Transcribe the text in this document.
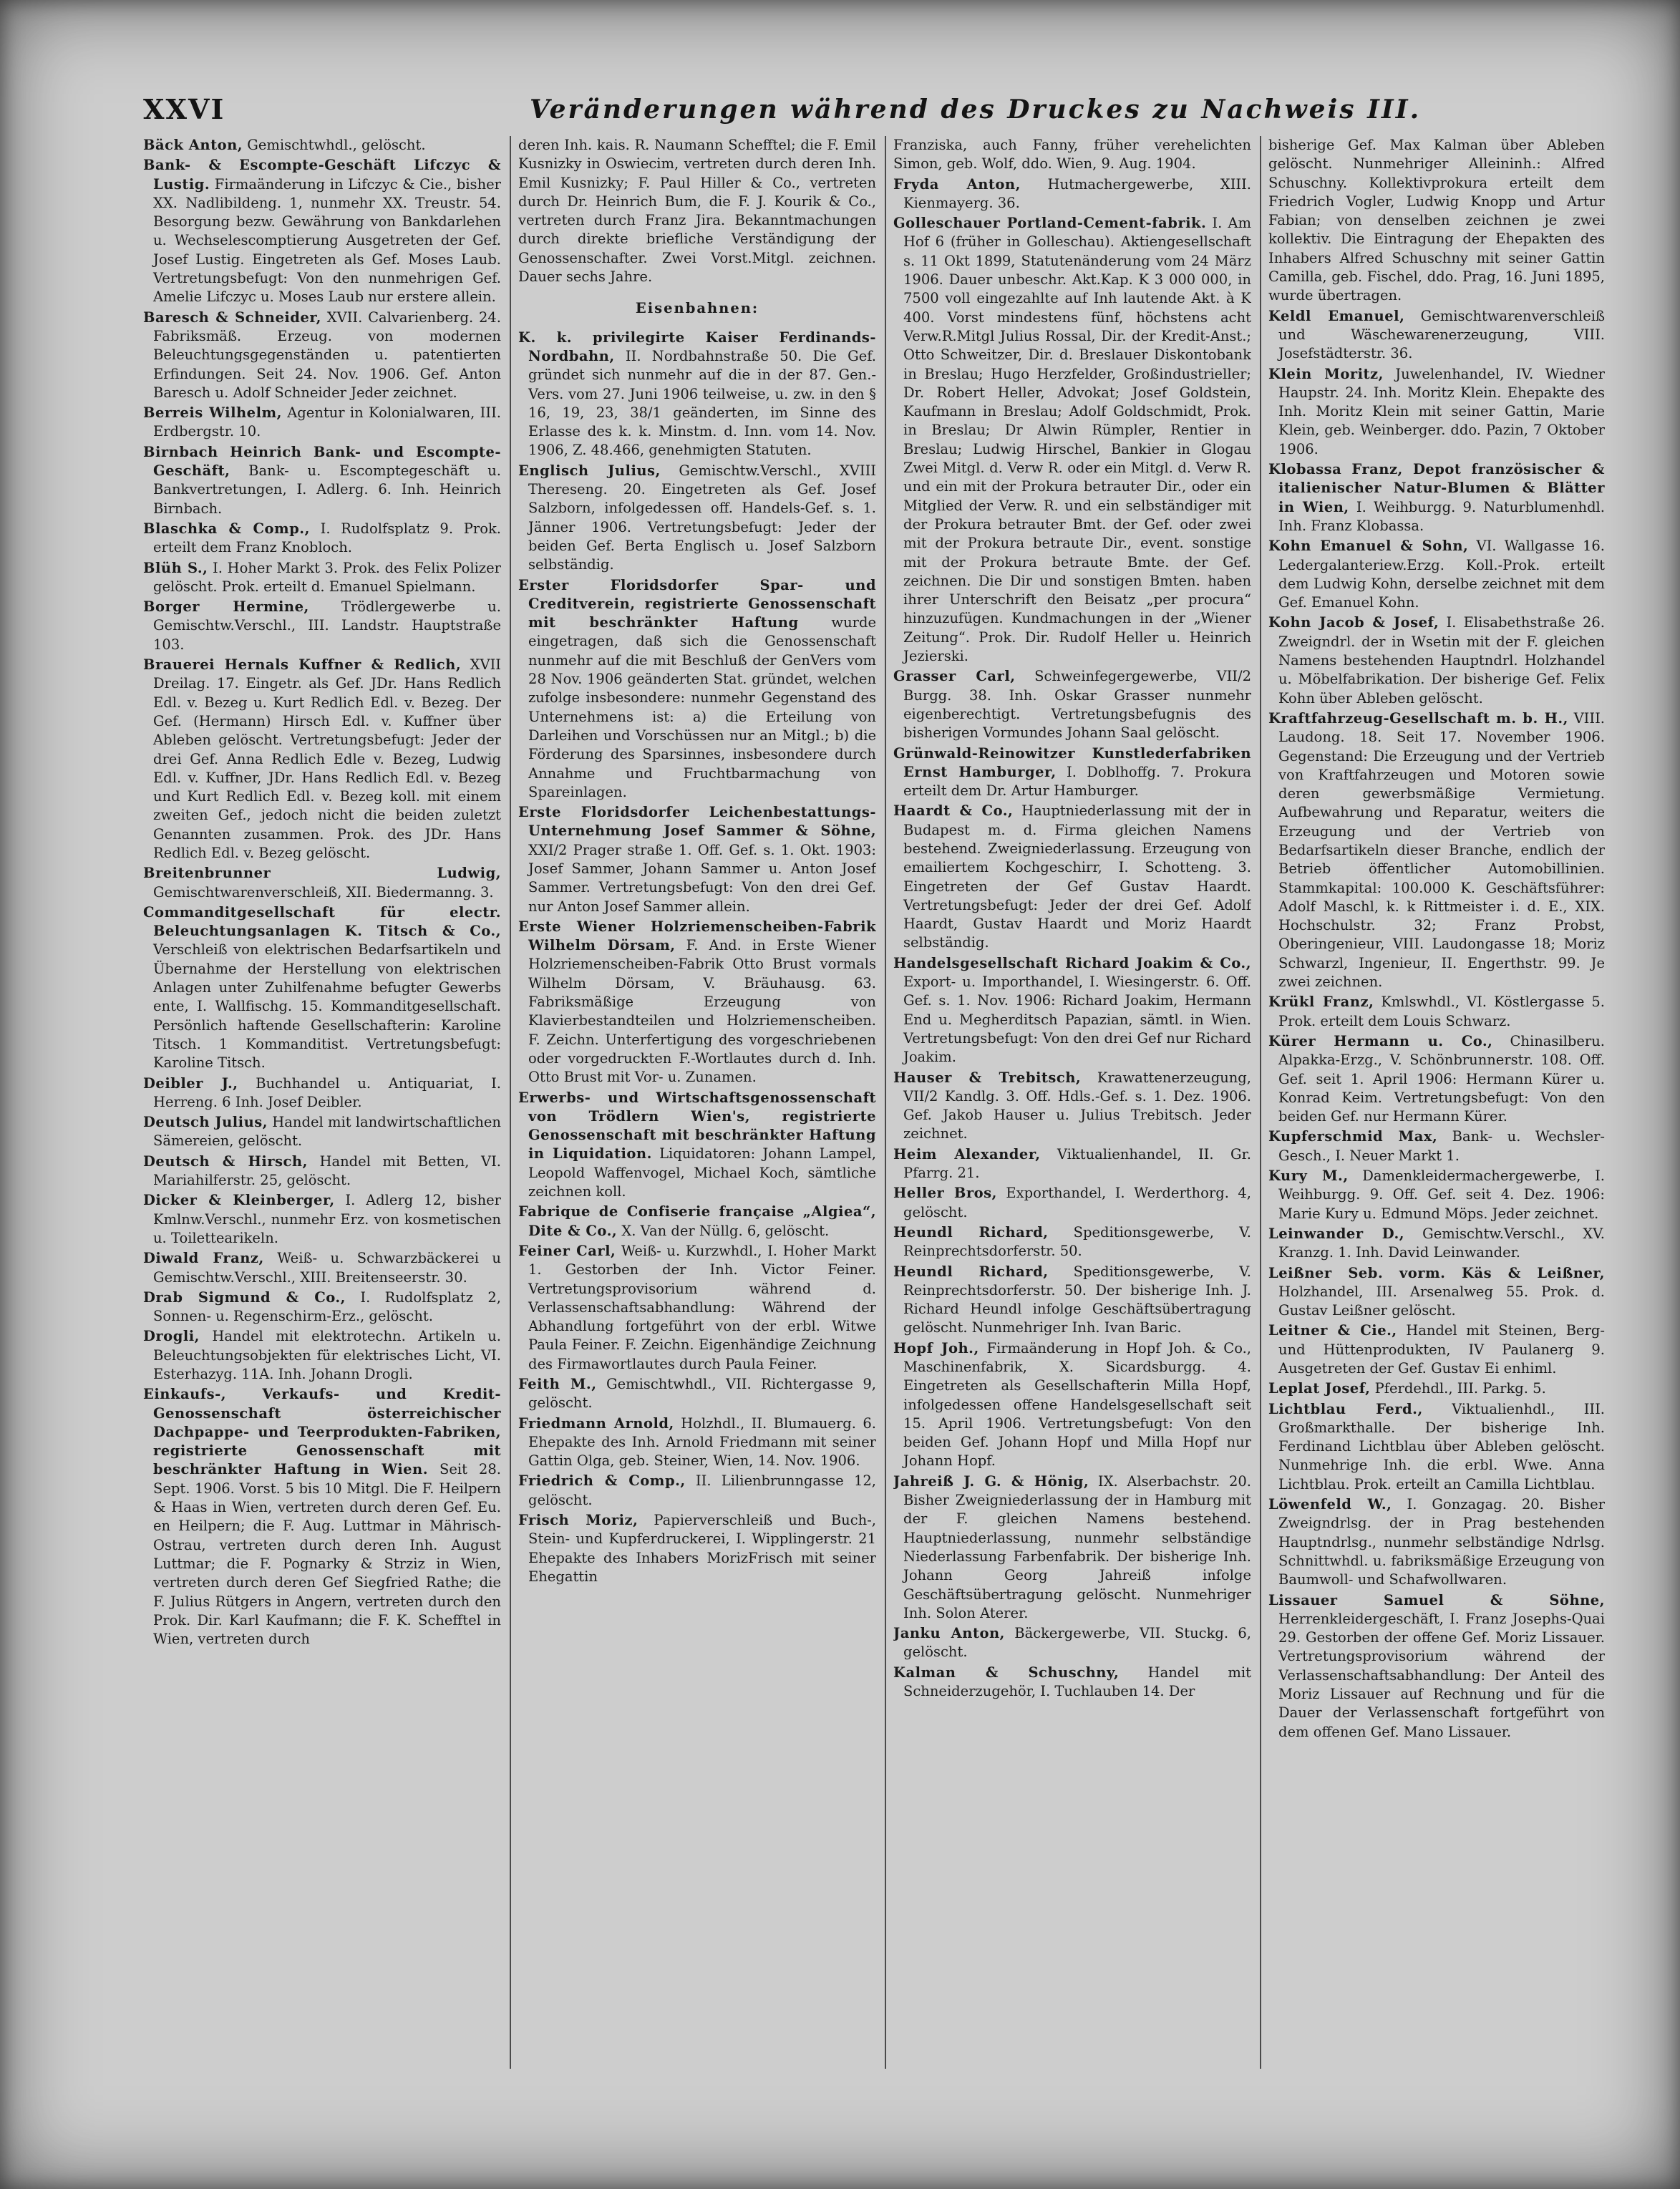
XXVI	Veränderungen während des Druckes zu Nachweis III.

Bäck Anton, Gemischtwhdl., gelöscht.

Bank- & Escompte-Geschäft Lifczyc & Lustig. Firmaänderung in Lifczyc & Cie., bisher XX. Nadlibildeng. 1, nunmehr XX. Treustr. 54. Besorgung bezw. Gewährung von Bankdarlehen u. Wechselescomptierung Ausgetreten der Gef. Josef Lustig. Eingetreten als Gef. Moses Laub. Vertretungsbefugt: Von den nunmehrigen Gef. Amelie Lifczyc u. Moses Laub nur erstere allein.

Baresch & Schneider, XVII. Calvarienberg. 24. Fabriksmäß. Erzeug. von modernen Beleuchtungsgegenständen u. patentierten Erfindungen. Seit 24. Nov. 1906. Gef. Anton Baresch u. Adolf Schneider Jeder zeichnet.

Berreis Wilhelm, Agentur in Kolonialwaren, III. Erdbergstr. 10.

Birnbach Heinrich Bank- und Escompte-Geschäft, Bank- u. Escomptegeschäft u. Bankvertretungen, I. Adlerg. 6. Inh. Heinrich Birnbach.

Blaschka & Comp., I. Rudolfsplatz 9. Prok. erteilt dem Franz Knobloch.

Blüh S., I. Hoher Markt 3. Prok. des Felix Polizer gelöscht. Prok. erteilt d. Emanuel Spielmann.

Borger Hermine, Trödlergewerbe u. Gemischtw.Verschl., III. Landstr. Hauptstraße 103.

Brauerei Hernals Kuffner & Redlich, XVII Dreilag. 17. Eingetr. als Gef. JDr. Hans Redlich Edl. v. Bezeg u. Kurt Redlich Edl. v. Bezeg. Der Gef. (Hermann) Hirsch Edl. v. Kuffner über Ableben gelöscht. Vertretungsbefugt: Jeder der drei Gef. Anna Redlich Edle v. Bezeg, Ludwig Edl. v. Kuffner, JDr. Hans Redlich Edl. v. Bezeg und Kurt Redlich Edl. v. Bezeg koll. mit einem zweiten Gef., jedoch nicht die beiden zuletzt Genannten zusammen. Prok. des JDr. Hans Redlich Edl. v. Bezeg gelöscht.

Breitenbrunner Ludwig, Gemischtwarenverschleiß, XII. Biedermanng. 3.

Commanditgesellschaft für electr. Beleuchtungsanlagen K. Titsch & Co., Verschleiß von elektrischen Bedarfsartikeln und Übernahme der Herstellung von elektrischen Anlagen unter Zuhilfenahme befugter Gewerbs ente, I. Wallfischg. 15. Kommanditgesellschaft. Persönlich haftende Gesellschafterin: Karoline Titsch. 1 Kommanditist. Vertretungsbefugt: Karoline Titsch.

Deibler J., Buchhandel u. Antiquariat, I. Herreng. 6 Inh. Josef Deibler.

Deutsch Julius, Handel mit landwirtschaftlichen Sämereien, gelöscht.

Deutsch & Hirsch, Handel mit Betten, VI. Mariahilferstr. 25, gelöscht.

Dicker & Kleinberger, I. Adlerg 12, bisher Kmlnw.Verschl., nunmehr Erz. von kosmetischen u. Toilettearikeln.

Diwald Franz, Weiß- u. Schwarzbäckerei u Gemischtw.Verschl., XIII. Breitenseerstr. 30.

Drab Sigmund & Co., I. Rudolfsplatz 2, Sonnen- u. Regenschirm-Erz., gelöscht.

Drogli, Handel mit elektrotechn. Artikeln u. Beleuchtungsobjekten für elektrisches Licht, VI. Esterhazyg. 11A. Inh. Johann Drogli.

Einkaufs-, Verkaufs- und Kredit-Genossenschaft österreichischer Dachpappe- und Teerprodukten-Fabriken, registrierte Genossenschaft mit beschränkter Haftung in Wien. Seit 28. Sept. 1906. Vorst. 5 bis 10 Mitgl. Die F. Heilpern & Haas in Wien, vertreten durch deren Gef. Eu. en Heilpern; die F. Aug. Luttmar in Mährisch-Ostrau, vertreten durch deren Inh. August Luttmar; die F. Pognarky & Strziz in Wien, vertreten durch deren Gef Siegfried Rathe; die F. Julius Rütgers in Angern, vertreten durch den Prok. Dir. Karl Kaufmann; die F. K. Schefftel in Wien, vertreten durch

deren Inh. kais. R. Naumann Schefftel; die F. Emil Kusnizky in Oswiecim, vertreten durch deren Inh. Emil Kusnizky; F. Paul Hiller & Co., vertreten durch Dr. Heinrich Bum, die F. J. Kourik & Co., vertreten durch Franz Jira. Bekanntmachungen durch direkte briefliche Verständigung der Genossenschafter. Zwei Vorst.Mitgl. zeichnen. Dauer sechs Jahre.

Eisenbahnen:

K. k. privilegirte Kaiser Ferdinands-Nordbahn, II. Nordbahnstraße 50. Die Gef. gründet sich nunmehr auf die in der 87. Gen.-Vers. vom 27. Juni 1906 teilweise, u. zw. in den § 16, 19, 23, 38/1 geänderten, im Sinne des Erlasse des k. k. Minstm. d. Inn. vom 14. Nov. 1906, Z. 48.466, genehmigten Statuten.

Englisch Julius, Gemischtw.Verschl., XVIII Thereseng. 20. Eingetreten als Gef. Josef Salzborn, infolgedessen off. Handels-Gef. s. 1. Jänner 1906. Vertretungsbefugt: Jeder der beiden Gef. Berta Englisch u. Josef Salzborn selbständig.

Erster Floridsdorfer Spar- und Creditverein, registrierte Genossenschaft mit beschränkter Haftung wurde eingetragen, daß sich die Genossenschaft nunmehr auf die mit Beschluß der GenVers vom 28 Nov. 1906 geänderten Stat. gründet, welchen zufolge insbesondere: nunmehr Gegenstand des Unternehmens ist: a) die Erteilung von Darleihen und Vorschüssen nur an Mitgl.; b) die Förderung des Sparsinnes, insbesondere durch Annahme und Fruchtbarmachung von Spareinlagen.

Erste Floridsdorfer Leichenbestattungs-Unternehmung Josef Sammer & Söhne, XXI/2 Prager straße 1. Off. Gef. s. 1. Okt. 1903: Josef Sammer, Johann Sammer u. Anton Josef Sammer. Vertretungsbefugt: Von den drei Gef. nur Anton Josef Sammer allein.

Erste Wiener Holzriemenscheiben-Fabrik Wilhelm Dörsam, F. And. in Erste Wiener Holzriemenscheiben-Fabrik Otto Brust vormals Wilhelm Dörsam, V. Bräuhausg. 63. Fabriksmäßige Erzeugung von Klavierbestandteilen und Holzriemenscheiben. F. Zeichn. Unterfertigung des vorgeschriebenen oder vorgedruckten F.-Wortlautes durch d. Inh. Otto Brust mit Vor- u. Zunamen.

Erwerbs- und Wirtschaftsgenossenschaft von Trödlern Wien's, registrierte Genossenschaft mit beschränkter Haftung in Liquidation. Liquidatoren: Johann Lampel, Leopold Waffenvogel, Michael Koch, sämtliche zeichnen koll.

Fabrique de Confiserie française „Algiea“, Dite & Co., X. Van der Nüllg. 6, gelöscht.

Feiner Carl, Weiß- u. Kurzwhdl., I. Hoher Markt 1. Gestorben der Inh. Victor Feiner. Vertretungsprovisorium während d. Verlassenschaftsabhandlung: Während der Abhandlung fortgeführt von der erbl. Witwe Paula Feiner. F. Zeichn. Eigenhändige Zeichnung des Firmawortlautes durch Paula Feiner.

Feith M., Gemischtwhdl., VII. Richtergasse 9, gelöscht.

Friedmann Arnold, Holzhdl., II. Blumauerg. 6. Ehepakte des Inh. Arnold Friedmann mit seiner Gattin Olga, geb. Steiner, Wien, 14. Nov. 1906.

Friedrich & Comp., II. Lilienbrunngasse 12, gelöscht.

Frisch Moriz, Papierverschleiß und Buch-, Stein- und Kupferdruckerei, I. Wipplingerstr. 21 Ehepakte des Inhabers MorizFrisch mit seiner Ehegattin

Franziska, auch Fanny, früher verehelichten Simon, geb. Wolf, ddo. Wien, 9. Aug. 1904.

Fryda Anton, Hutmachergewerbe, XIII. Kienmayerg. 36.

Golleschauer Portland-Cement-fabrik. I. Am Hof 6 (früher in Golleschau). Aktiengesellschaft s. 11 Okt 1899, Statutenänderung vom 24 März 1906. Dauer unbeschr. Akt.Kap. K 3 000 000, in 7500 voll eingezahlte auf Inh lautende Akt. à K 400. Vorst mindestens fünf, höchstens acht Verw.R.Mitgl Julius Rossal, Dir. der Kredit-Anst.; Otto Schweitzer, Dir. d. Breslauer Diskontobank in Breslau; Hugo Herzfelder, Großindustrieller; Dr. Robert Heller, Advokat; Josef Goldstein, Kaufmann in Breslau; Adolf Goldschmidt, Prok. in Breslau; Dr Alwin Rümpler, Rentier in Breslau; Ludwig Hirschel, Bankier in Glogau Zwei Mitgl. d. Verw R. oder ein Mitgl. d. Verw R. und ein mit der Prokura betrauter Dir., oder ein Mitglied der Verw. R. und ein selbständiger mit der Prokura betrauter Bmt. der Gef. oder zwei mit der Prokura betraute Dir., event. sonstige mit der Prokura betraute Bmte. der Gef. zeichnen. Die Dir und sonstigen Bmten. haben ihrer Unterschrift den Beisatz „per procura“ hinzuzufügen. Kundmachungen in der „Wiener Zeitung“. Prok. Dir. Rudolf Heller u. Heinrich Jezierski.

Grasser Carl, Schweinfegergewerbe, VII/2 Burgg. 38. Inh. Oskar Grasser nunmehr eigenberechtigt. Vertretungsbefugnis des bisherigen Vormundes Johann Saal gelöscht.

Grünwald-Reinowitzer Kunstlederfabriken Ernst Hamburger, I. Doblhoffg. 7. Prokura erteilt dem Dr. Artur Hamburger.

Haardt & Co., Hauptniederlassung mit der in Budapest m. d. Firma gleichen Namens bestehend. Zweigniederlassung. Erzeugung von emailiertem Kochgeschirr, I. Schotteng. 3. Eingetreten der Gef Gustav Haardt. Vertretungsbefugt: Jeder der drei Gef. Adolf Haardt, Gustav Haardt und Moriz Haardt selbständig.

Handelsgesellschaft Richard Joakim & Co., Export- u. Importhandel, I. Wiesingerstr. 6. Off. Gef. s. 1. Nov. 1906: Richard Joakim, Hermann End u. Megherditsch Papazian, sämtl. in Wien. Vertretungsbefugt: Von den drei Gef nur Richard Joakim.

Hauser & Trebitsch, Krawattenerzeugung, VII/2 Kandlg. 3. Off. Hdls.-Gef. s. 1. Dez. 1906. Gef. Jakob Hauser u. Julius Trebitsch. Jeder zeichnet.

Heim Alexander, Viktualienhandel, II. Gr. Pfarrg. 21.

Heller Bros, Exporthandel, I. Werderthorg. 4, gelöscht.

Heundl Richard, Speditionsgewerbe, V. Reinprechtsdorferstr. 50.

Heundl Richard, Speditionsgewerbe, V. Reinprechtsdorferstr. 50. Der bisherige Inh. J. Richard Heundl infolge Geschäftsübertragung gelöscht. Nunmehriger Inh. Ivan Baric.

Hopf Joh., Firmaänderung in Hopf Joh. & Co., Maschinenfabrik, X. Sicardsburgg. 4. Eingetreten als Gesellschafterin Milla Hopf, infolgedessen offene Handelsgesellschaft seit 15. April 1906. Vertretungsbefugt: Von den beiden Gef. Johann Hopf und Milla Hopf nur Johann Hopf.

Jahreiß J. G. & Hönig, IX. Alserbachstr. 20. Bisher Zweigniederlassung der in Hamburg mit der F. gleichen Namens bestehend. Hauptniederlassung, nunmehr selbständige Niederlassung Farbenfabrik. Der bisherige Inh. Johann Georg Jahreiß infolge Geschäftsübertragung gelöscht. Nunmehriger Inh. Solon Aterer.

Janku Anton, Bäckergewerbe, VII. Stuckg. 6, gelöscht.

Kalman & Schuschny, Handel mit Schneiderzugehör, I. Tuchlauben 14. Der

bisherige Gef. Max Kalman über Ableben gelöscht. Nunmehriger Alleininh.: Alfred Schuschny. Kollektivprokura erteilt dem Friedrich Vogler, Ludwig Knopp und Artur Fabian; von denselben zeichnen je zwei kollektiv. Die Eintragung der Ehepakten des Inhabers Alfred Schuschny mit seiner Gattin Camilla, geb. Fischel, ddo. Prag, 16. Juni 1895, wurde übertragen.

Keldl Emanuel, Gemischtwarenverschleiß und Wäschewarenerzeugung, VIII. Josefstädterstr. 36.

Klein Moritz, Juwelenhandel, IV. Wiedner Haupstr. 24. Inh. Moritz Klein. Ehepakte des Inh. Moritz Klein mit seiner Gattin, Marie Klein, geb. Weinberger. ddo. Pazin, 7 Oktober 1906.

Klobassa Franz, Depot französischer & italienischer Natur-Blumen & Blätter in Wien, I. Weihburgg. 9. Naturblumenhdl. Inh. Franz Klobassa.

Kohn Emanuel & Sohn, VI. Wallgasse 16. Ledergalanteriew.Erzg. Koll.-Prok. erteilt dem Ludwig Kohn, derselbe zeichnet mit dem Gef. Emanuel Kohn.

Kohn Jacob & Josef, I. Elisabethstraße 26. Zweigndrl. der in Wsetin mit der F. gleichen Namens bestehenden Hauptndrl. Holzhandel u. Möbelfabrikation. Der bisherige Gef. Felix Kohn über Ableben gelöscht.

Kraftfahrzeug-Gesellschaft m. b. H., VIII. Laudong. 18. Seit 17. November 1906. Gegenstand: Die Erzeugung und der Vertrieb von Kraftfahrzeugen und Motoren sowie deren gewerbsmäßige Vermietung. Aufbewahrung und Reparatur, weiters die Erzeugung und der Vertrieb von Bedarfsartikeln dieser Branche, endlich der Betrieb öffentlicher Automobillinien. Stammkapital: 100.000 K. Geschäftsführer: Adolf Maschl, k. k Rittmeister i. d. E., XIX. Hochschulstr. 32; Franz Probst, Oberingenieur, VIII. Laudongasse 18; Moriz Schwarzl, Ingenieur, II. Engerthstr. 99. Je zwei zeichnen.

Krükl Franz, Kmlswhdl., VI. Köstlergasse 5. Prok. erteilt dem Louis Schwarz.

Kürer Hermann u. Co., Chinasilberu. Alpakka-Erzg., V. Schönbrunnerstr. 108. Off. Gef. seit 1. April 1906: Hermann Kürer u. Konrad Keim. Vertretungsbefugt: Von den beiden Gef. nur Hermann Kürer.

Kupferschmid Max, Bank- u. Wechsler-Gesch., I. Neuer Markt 1.

Kury M., Damenkleidermachergewerbe, I. Weihburgg. 9. Off. Gef. seit 4. Dez. 1906: Marie Kury u. Edmund Möps. Jeder zeichnet.

Leinwander D., Gemischtw.Verschl., XV. Kranzg. 1. Inh. David Leinwander.

Leißner Seb. vorm. Käs & Leißner, Holzhandel, III. Arsenalweg 55. Prok. d. Gustav Leißner gelöscht.

Leitner & Cie., Handel mit Steinen, Berg- und Hüttenprodukten, IV Paulanerg 9. Ausgetreten der Gef. Gustav Ei enhiml.

Leplat Josef, Pferdehdl., III. Parkg. 5.

Lichtblau Ferd., Viktualienhdl., III. Großmarkthalle. Der bisherige Inh. Ferdinand Lichtblau über Ableben gelöscht. Nunmehrige Inh. die erbl. Wwe. Anna Lichtblau. Prok. erteilt an Camilla Lichtblau.

Löwenfeld W., I. Gonzagag. 20. Bisher Zweigndrlsg. der in Prag bestehenden Hauptndrlsg., nunmehr selbständige Ndrlsg. Schnittwhdl. u. fabriksmäßige Erzeugung von Baumwoll- und Schafwollwaren.

Lissauer Samuel & Söhne, Herrenkleidergeschäft, I. Franz Josephs-Quai 29. Gestorben der offene Gef. Moriz Lissauer. Vertretungsprovisorium während der Verlassenschaftsabhandlung: Der Anteil des Moriz Lissauer auf Rechnung und für die Dauer der Verlassenschaft fortgeführt von dem offenen Gef. Mano Lissauer.
